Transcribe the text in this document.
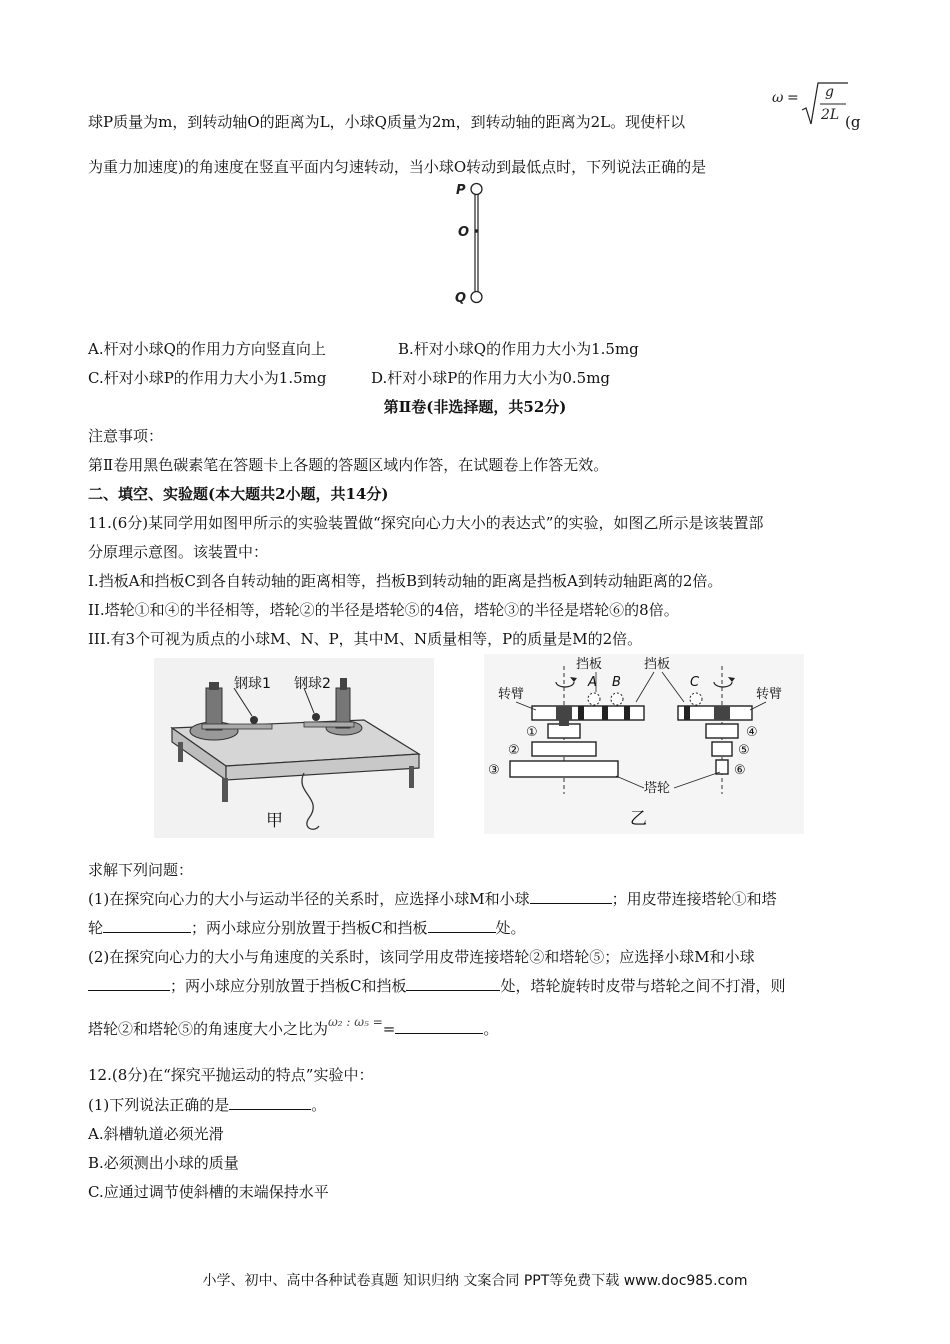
球P质量为m，到转动轴O的距离为L，小球Q质量为2m，到转动轴的距离为2L。现使杆以
ω = g
2L (g
为重力加速度)的角速度在竖直平面内匀速转动，当小球O转动到最低点时，下列说法正确的是
P
O
Q
A.杆对小球Q的作用力方向竖直向上	B.杆对小球Q的作用力大小为1.5mg
C.杆对小球P的作用力大小为1.5mg	D.杆对小球P的作用力大小为0.5mg
第Ⅱ卷(非选择题，共52分)
注意事项：
第Ⅱ卷用黑色碳素笔在答题卡上各题的答题区域内作答，在试题卷上作答无效。
二、填空、实验题(本大题共2小题，共14分)
11.(6分)某同学用如图甲所示的实验装置做“探究向心力大小的表达式”的实验，如图乙所示是该装置部
分原理示意图。该装置中：
I.挡板A和挡板C到各自转动轴的距离相等，挡板B到转动轴的距离是挡板A到转动轴距离的2倍。
II.塔轮①和④的半径相等，塔轮②的半径是塔轮⑤的4倍，塔轮③的半径是塔轮⑥的8倍。
III.有3个可视为质点的小球M、N、P，其中M、N质量相等，P的质量是M的2倍。
钢球1 钢球2
甲
挡板	挡板
A B	C
转臂	转臂
①
②
③
④
⑤
⑥
塔轮
乙
求解下列问题：
(1)在探究向心力的大小与运动半径的关系时，应选择小球M和小球	；用皮带连接塔轮①和塔
轮	；两小球应分别放置于挡板C和挡板	处。
(2)在探究向心力的大小与角速度的关系时，该同学用皮带连接塔轮②和塔轮⑤；应选择小球M和小球
；两小球应分别放置于挡板C和挡板	处，塔轮旋转时皮带与塔轮之间不打滑，则
塔轮②和塔轮⑤的角速度大小之比为$^{\omega_2 : \omega_5 =}$=	。
12.(8分)在“探究平抛运动的特点”实验中：
(1)下列说法正确的是	。
A.斜槽轨道必须光滑
B.必须测出小球的质量
C.应通过调节使斜槽的末端保持水平
小学、初中、高中各种试卷真题 知识归纳 文案合同 PPT等免费下载 www.doc985.com
